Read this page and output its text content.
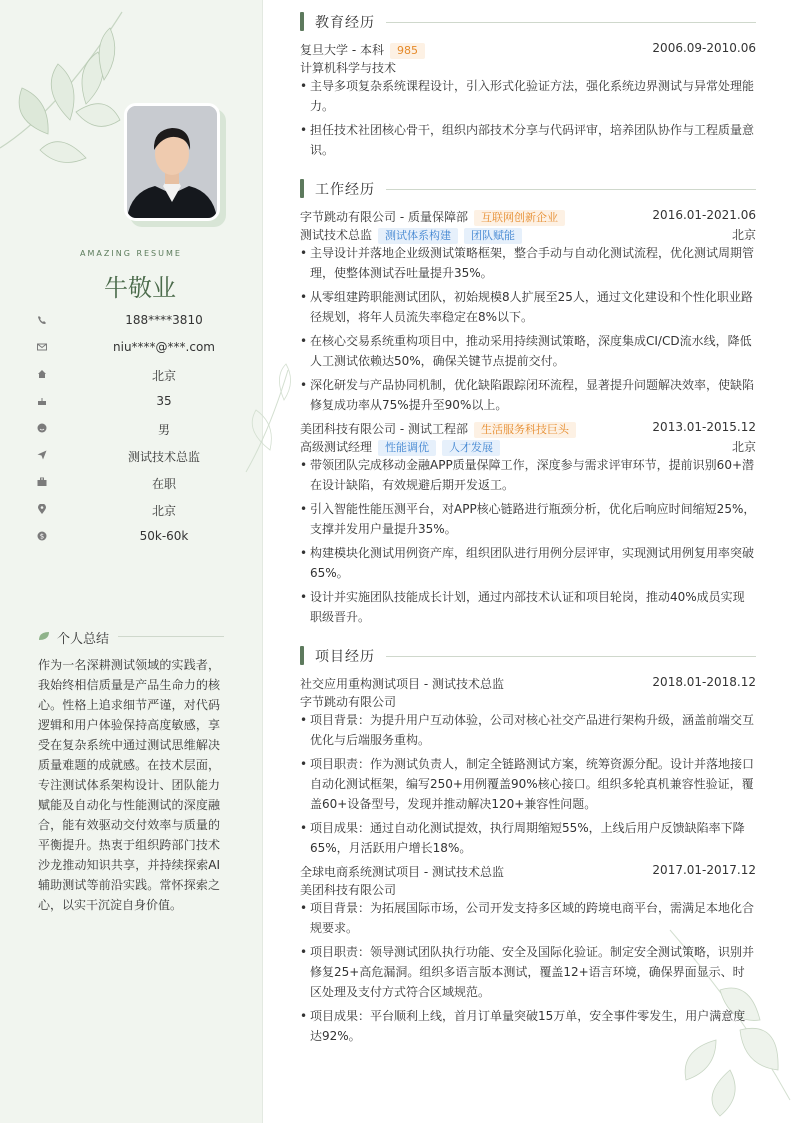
AMAZING RESUME
牛敬业
188****3810
niu****@***.com
北京
35
男
测试技术总监
在职
北京
$	50k-60k
个人总结
作为一名深耕测试领域的实践者，我始终相信质量是产品生命力的核心。性格上追求细节严谨，对代码逻辑和用户体验保持高度敏感，享受在复杂系统中通过测试思维解决质量难题的成就感。在技术层面，专注测试体系架构设计、团队能力赋能及自动化与性能测试的深度融合，能有效驱动交付效率与质量的平衡提升。热衷于组织跨部门技术沙龙推动知识共享，并持续探索AI辅助测试等前沿实践。常怀探索之心，以实干沉淀自身价值。
教育经历
复旦大学 - 本科 985	2006.09-2010.06
计算机科学与技术
• 主导多项复杂系统课程设计，引入形式化验证方法，强化系统边界测试与异常处理能力。
• 担任技术社团核心骨干，组织内部技术分享与代码评审，培养团队协作与工程质量意识。
工作经历
字节跳动有限公司 - 质量保障部 互联网创新企业	2016.01-2021.06
测试技术总监 测试体系构建 团队赋能	北京
• 主导设计并落地企业级测试策略框架，整合手动与自动化测试流程，优化测试周期管理，使整体测试吞吐量提升35%。
• 从零组建跨职能测试团队，初始规模8人扩展至25人，通过文化建设和个性化职业路径规划，将年人员流失率稳定在8%以下。
• 在核心交易系统重构项目中，推动采用持续测试策略，深度集成CI/CD流水线，降低人工测试依赖达50%，确保关键节点提前交付。
• 深化研发与产品协同机制，优化缺陷跟踪闭环流程，显著提升问题解决效率，使缺陷修复成功率从75%提升至90%以上。
美团科技有限公司 - 测试工程部 生活服务科技巨头	2013.01-2015.12
高级测试经理 性能调优 人才发展	北京
• 带领团队完成移动金融APP质量保障工作，深度参与需求评审环节，提前识别60+潜在设计缺陷，有效规避后期开发返工。
• 引入智能性能压测平台，对APP核心链路进行瓶颈分析，优化后响应时间缩短25%，支撑并发用户量提升35%。
• 构建模块化测试用例资产库，组织团队进行用例分层评审，实现测试用例复用率突破65%。
• 设计并实施团队技能成长计划，通过内部技术认证和项目轮岗，推动40%成员实现职级晋升。
项目经历
社交应用重构测试项目 - 测试技术总监	2018.01-2018.12
字节跳动有限公司
• 项目背景：为提升用户互动体验，公司对核心社交产品进行架构升级，涵盖前端交互优化与后端服务重构。
• 项目职责：作为测试负责人，制定全链路测试方案，统筹资源分配。设计并落地接口自动化测试框架，编写250+用例覆盖90%核心接口。组织多轮真机兼容性验证，覆盖60+设备型号，发现并推动解决120+兼容性问题。
• 项目成果：通过自动化测试提效，执行周期缩短55%，上线后用户反馈缺陷率下降65%，月活跃用户增长18%。
全球电商系统测试项目 - 测试技术总监	2017.01-2017.12
美团科技有限公司
• 项目背景：为拓展国际市场，公司开发支持多区域的跨境电商平台，需满足本地化合规要求。
• 项目职责：领导测试团队执行功能、安全及国际化验证。制定安全测试策略，识别并修复25+高危漏洞。组织多语言版本测试，覆盖12+语言环境，确保界面显示、时区处理及支付方式符合区域规范。
• 项目成果：平台顺利上线，首月订单量突破15万单，安全事件零发生，用户满意度达92%。
